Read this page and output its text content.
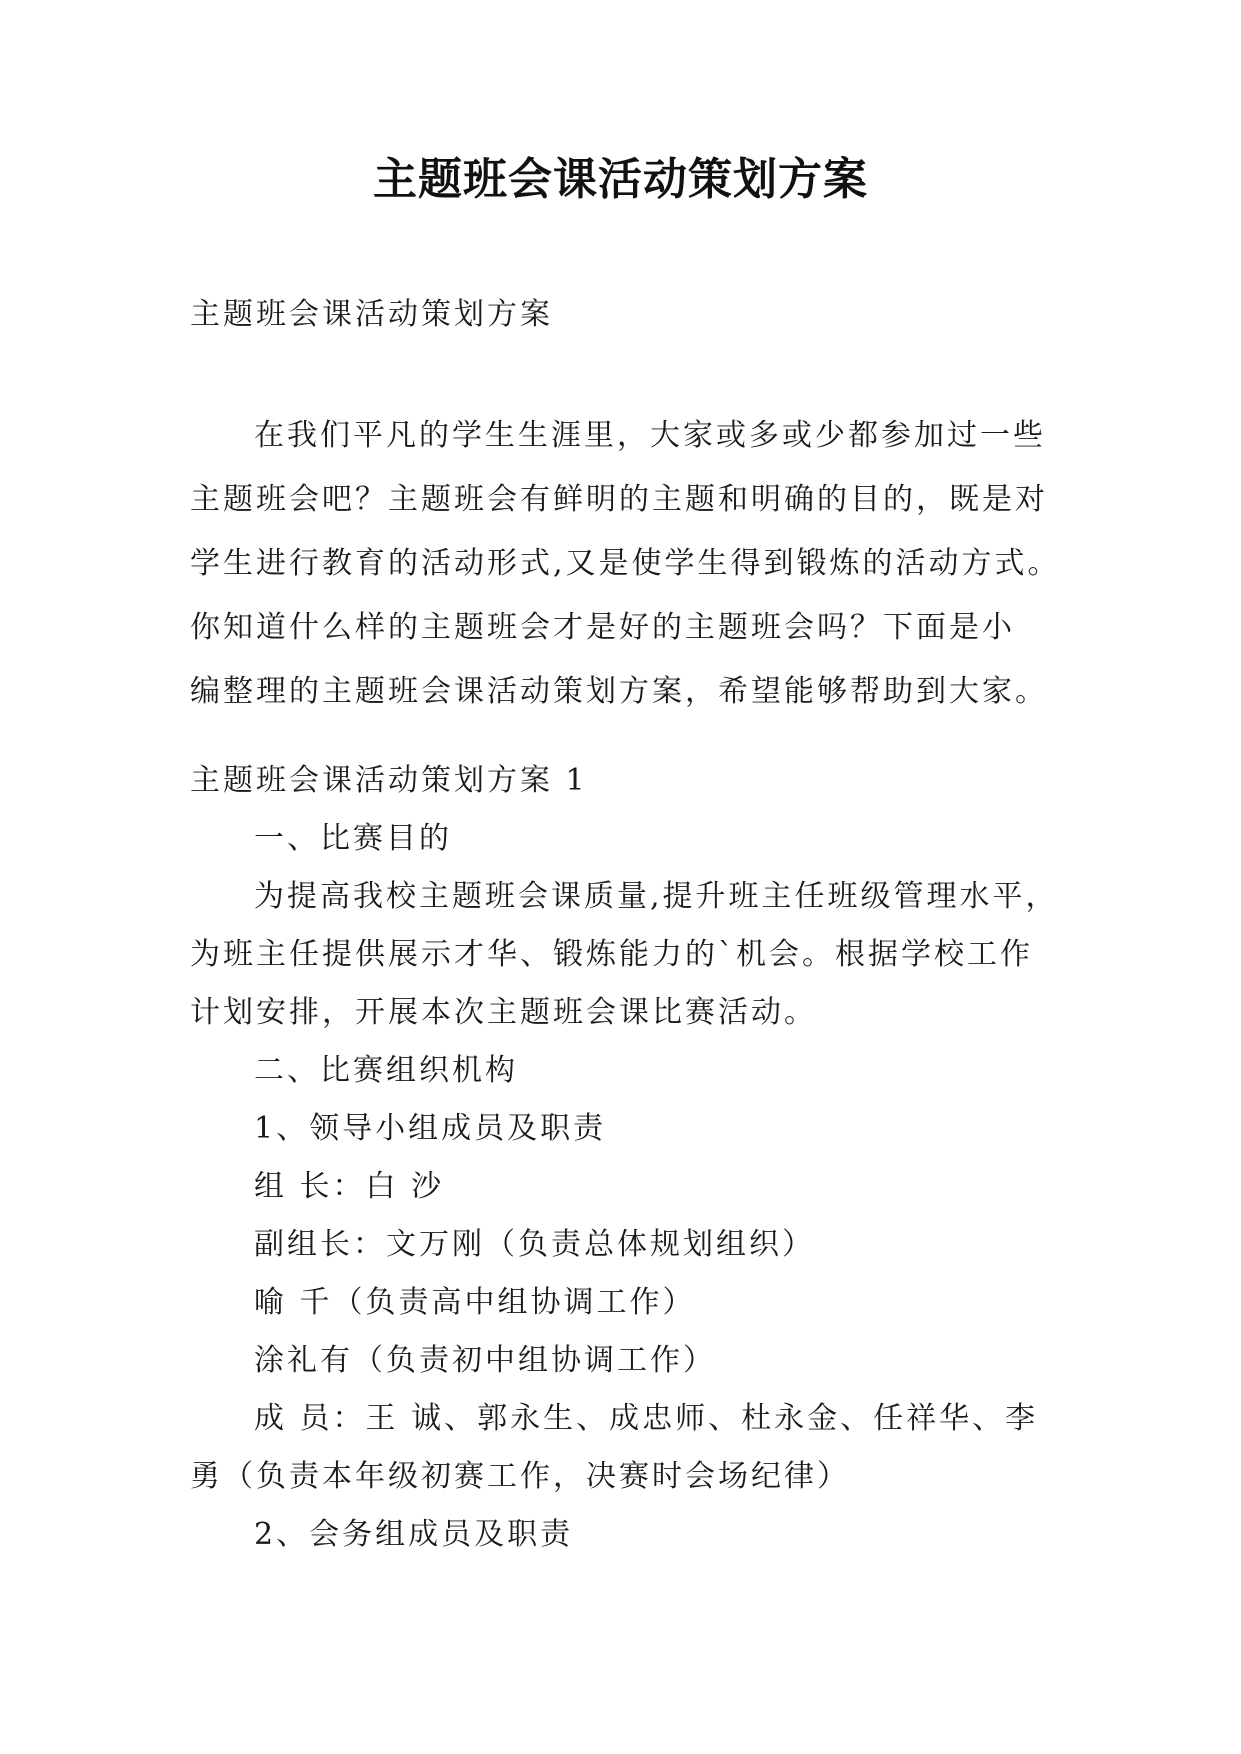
主题班会课活动策划方案
主题班会课活动策划方案
在我们平凡的学生生涯里，大家或多或少都参加过一些
主题班会吧？主题班会有鲜明的主题和明确的目的，既是对
学生进行教育的活动形式,又是使学生得到锻炼的活动方式。
你知道什么样的主题班会才是好的主题班会吗？下面是小
编整理的主题班会课活动策划方案，希望能够帮助到大家。
主题班会课活动策划方案 1
一、比赛目的
为提高我校主题班会课质量,提升班主任班级管理水平，
为班主任提供展示才华、锻炼能力的`机会。根据学校工作
计划安排，开展本次主题班会课比赛活动。
二、比赛组织机构
1、领导小组成员及职责
组 长：白 沙
副组长：文万刚（负责总体规划组织）
喻 千（负责高中组协调工作）
涂礼有（负责初中组协调工作）
成 员：王 诚、郭永生、成忠师、杜永金、任祥华、李
勇（负责本年级初赛工作，决赛时会场纪律）
2、会务组成员及职责
